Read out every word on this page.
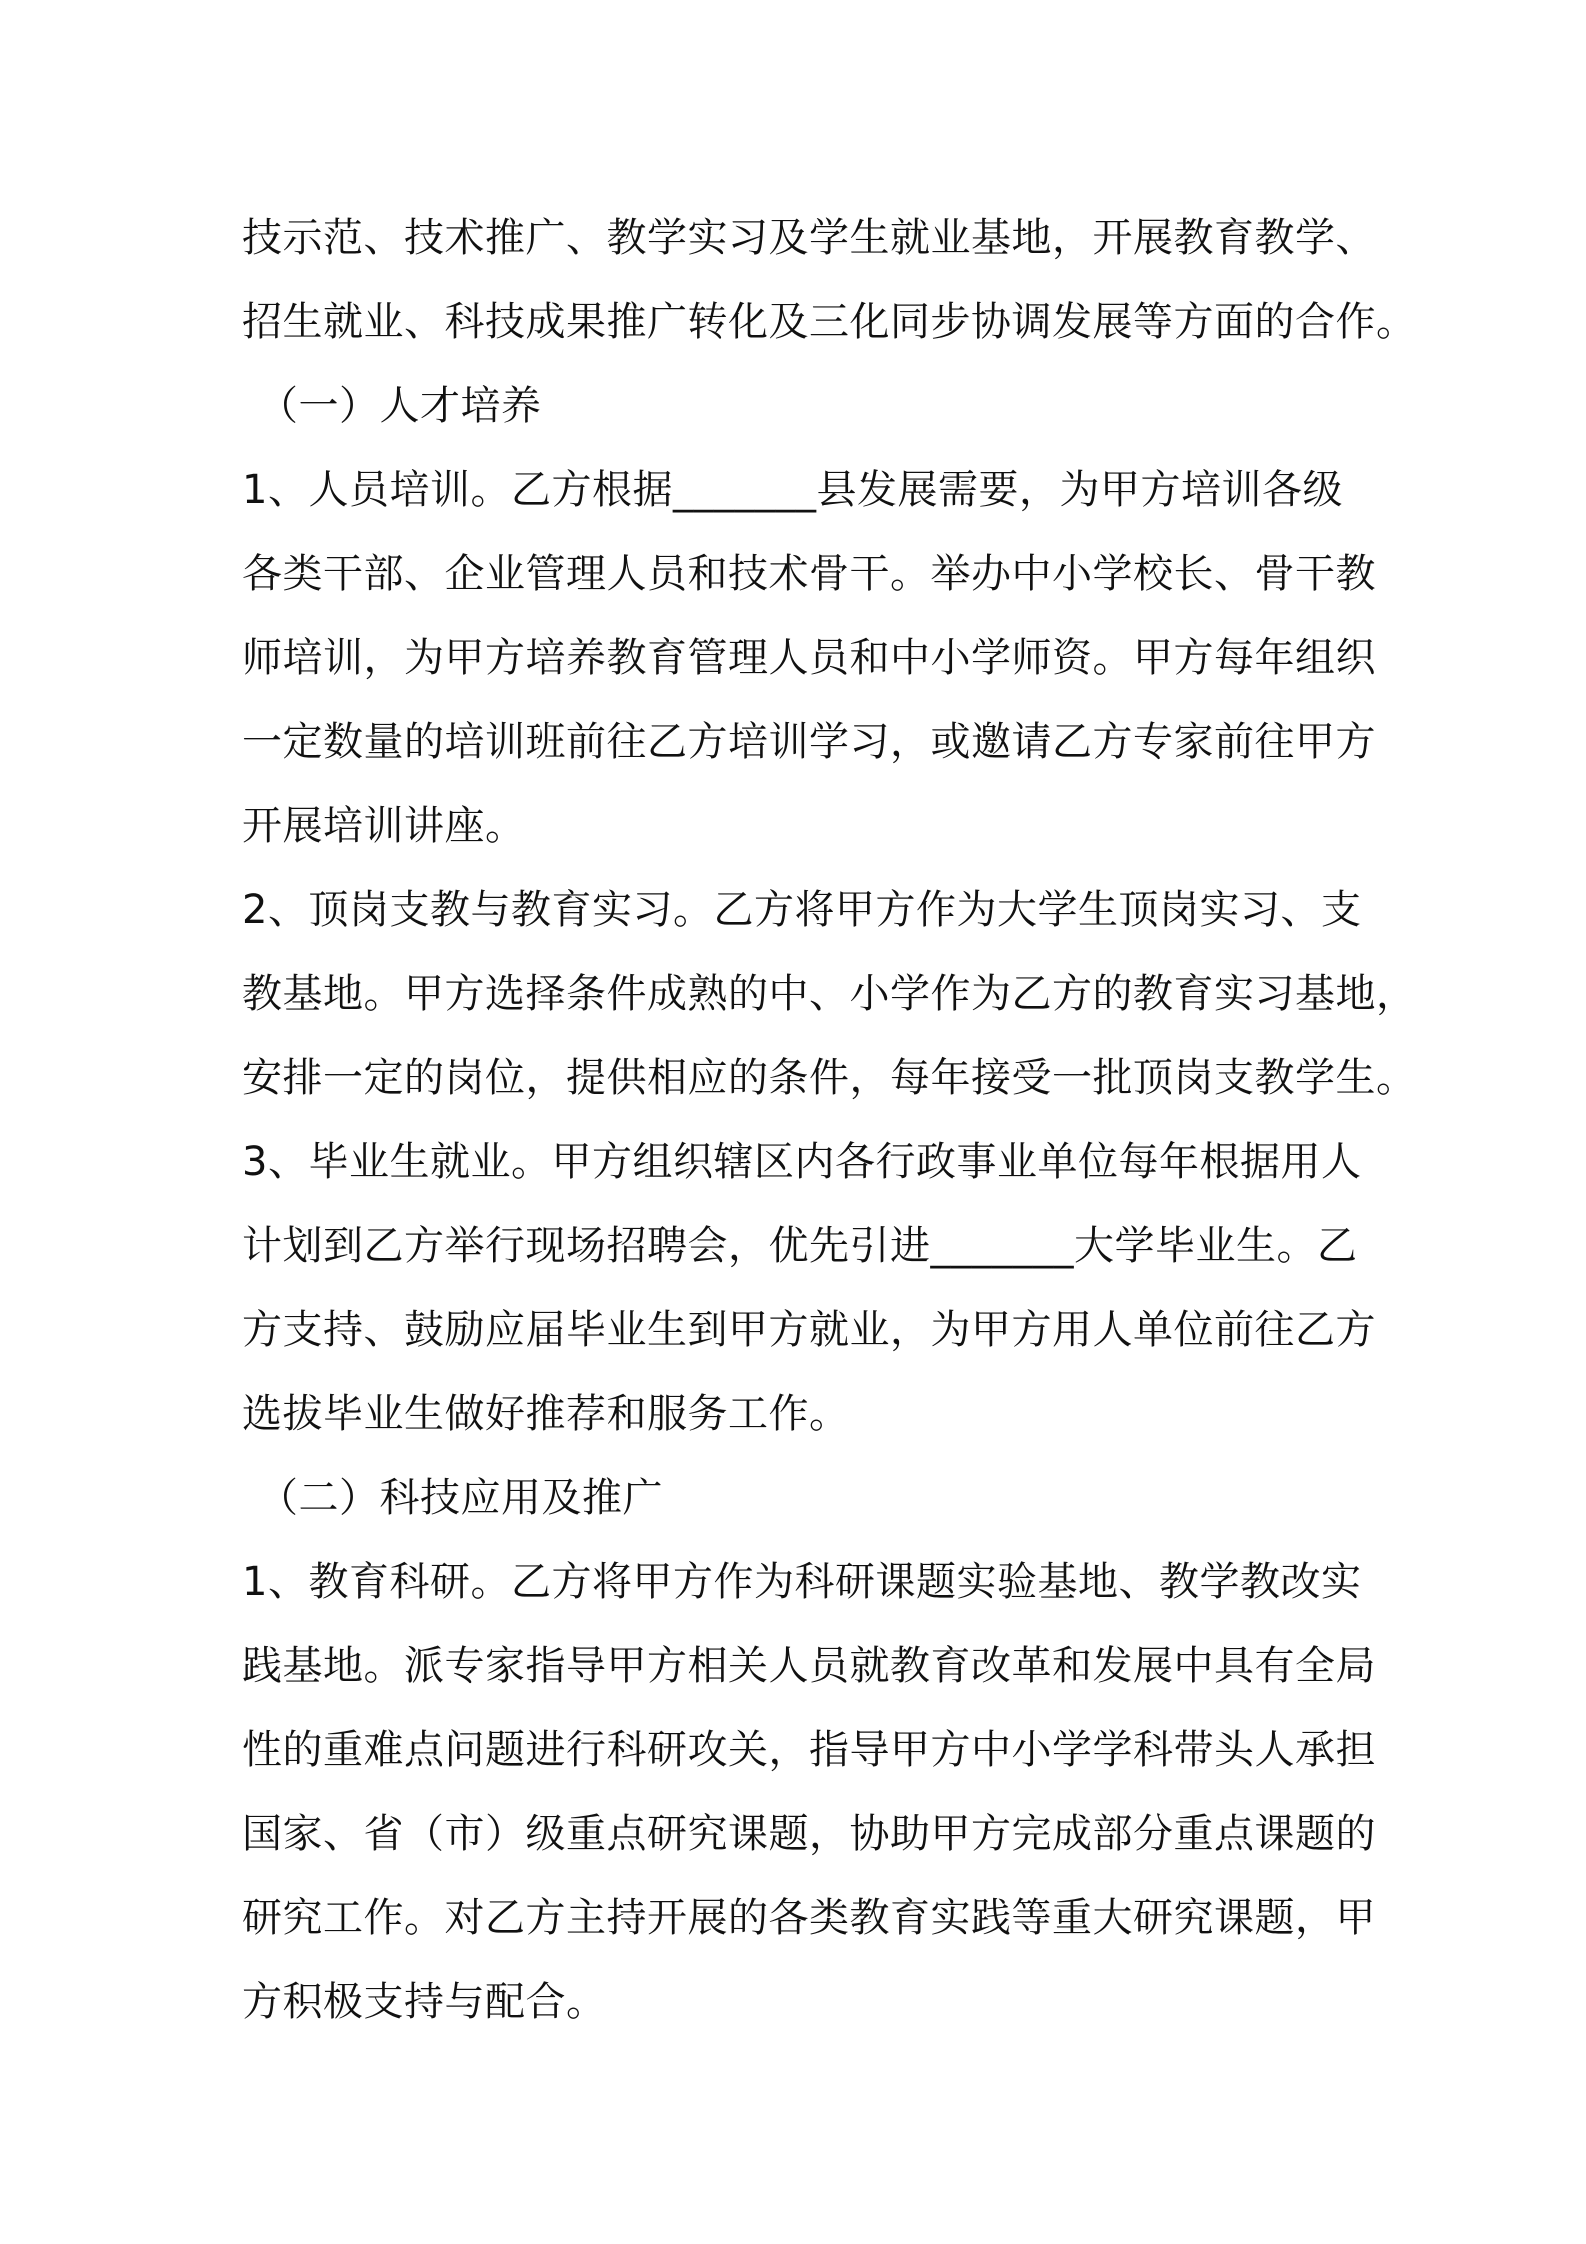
技示范、技术推广、教学实习及学生就业基地，开展教育教学、
招生就业、科技成果推广转化及三化同步协调发展等方面的合作。
（一）人才培养
1、人员培训。乙方根据_______县发展需要，为甲方培训各级
各类干部、企业管理人员和技术骨干。举办中小学校长、骨干教
师培训，为甲方培养教育管理人员和中小学师资。甲方每年组织
一定数量的培训班前往乙方培训学习，或邀请乙方专家前往甲方
开展培训讲座。
2、顶岗支教与教育实习。乙方将甲方作为大学生顶岗实习、支
教基地。甲方选择条件成熟的中、小学作为乙方的教育实习基地，
安排一定的岗位，提供相应的条件，每年接受一批顶岗支教学生。
3、毕业生就业。甲方组织辖区内各行政事业单位每年根据用人
计划到乙方举行现场招聘会，优先引进_______大学毕业生。乙
方支持、鼓励应届毕业生到甲方就业，为甲方用人单位前往乙方
选拔毕业生做好推荐和服务工作。
（二）科技应用及推广
1、教育科研。乙方将甲方作为科研课题实验基地、教学教改实
践基地。派专家指导甲方相关人员就教育改革和发展中具有全局
性的重难点问题进行科研攻关，指导甲方中小学学科带头人承担
国家、省（市）级重点研究课题，协助甲方完成部分重点课题的
研究工作。对乙方主持开展的各类教育实践等重大研究课题，甲
方积极支持与配合。
